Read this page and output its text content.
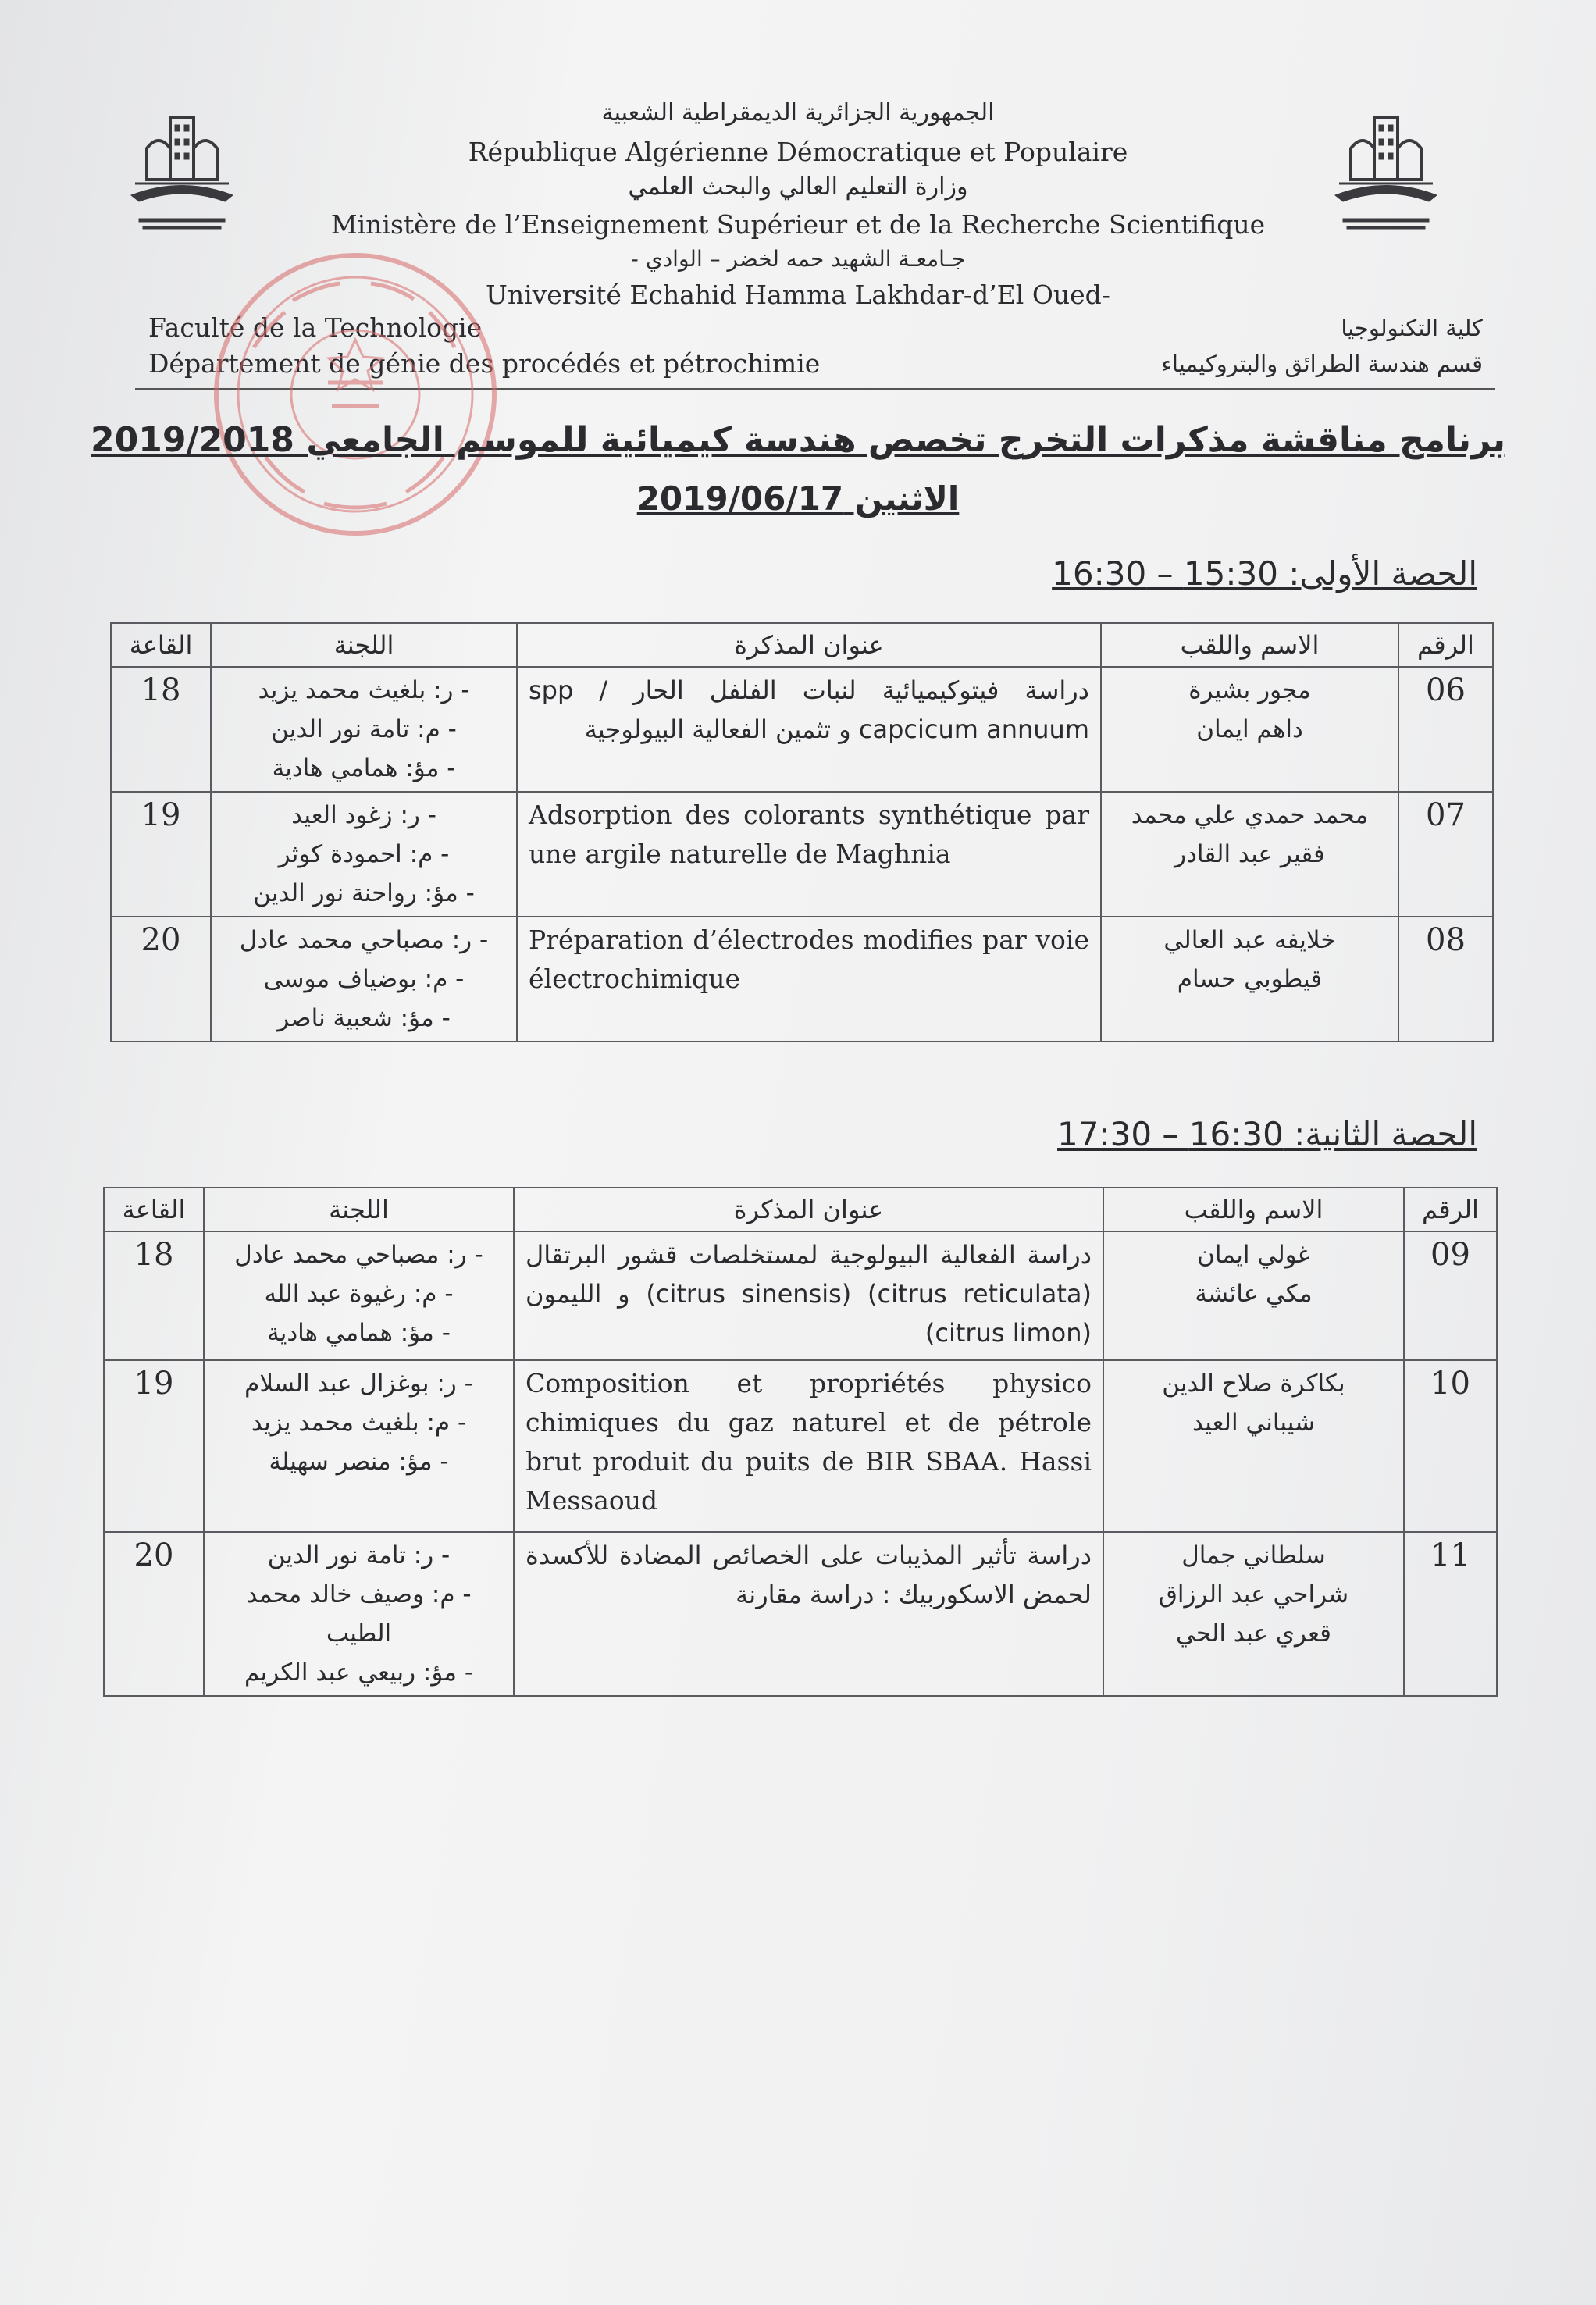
الجمهورية الجزائرية الديمقراطية الشعبية
République Algérienne Démocratique et Populaire
وزارة التعليم العالي والبحث العلمي
Ministère de l’Enseignement Supérieur et de la Recherche Scientifique
جـامعـة الشهيد حمه لخضر – الوادي -
Université Echahid Hamma Lakhdar-d’El Oued-
Faculté de la Technologie
Département de génie des procédés et pétrochimie
كلية التكنولوجيا
قسم هندسة الطرائق والبتروكيمياء
برنامج مناقشة مذكرات التخرج تخصص هندسة كيميائية للموسم الجامعي 2019/2018
الاثنين 2019/06/17
الحصة الأولى: 15:30 – 16:30
القاعة	اللجنة	عنوان المذكرة	الاسم واللقب	الرقم
18	- ر: بلغيث محمد يزيد
- م: تامة نور الدين
- مؤ: همامي هادية	دراسة فيتوكيميائية لنبات الفلفل الحار spp / capcicum annuum و تثمين الفعالية البيولوجية	مجور بشيرة
داهم ايمان	06
19	- ر: زغود العيد
- م: احمودة كوثر
- مؤ: رواحنة نور الدين	Adsorption des colorants synthétique par une argile naturelle de Maghnia	محمد حمدي علي محمد
فقير عبد القادر	07
20	- ر: مصباحي محمد عادل
- م: بوضياف موسى
- مؤ: شعبية ناصر	Préparation d’électrodes modifies par voie électrochimique	خلايفه عبد العالي
قيطوبي حسام	08
الحصة الثانية: 16:30 – 17:30
القاعة	اللجنة	عنوان المذكرة	الاسم واللقب	الرقم
18	- ر: مصباحي محمد عادل
- م: رغيوة عبد الله
- مؤ: همامي هادية	دراسة الفعالية البيولوجية لمستخلصات قشور البرتقال (citrus reticulata) (citrus sinensis) و الليمون (citrus limon)	غولي ايمان
مكي عائشة	09
19	- ر: بوغزال عبد السلام
- م: بلغيث محمد يزيد
- مؤ: منصر سهيلة	Composition et propriétés physico chimiques du gaz naturel et de pétrole brut produit du puits de BIR SBAA. Hassi Messaoud	بكاكرة صلاح الدين
شيباني العيد	10
20	- ر: تامة نور الدين
- م: وصيف خالد محمد الطيب
- مؤ: ربيعي عبد الكريم	دراسة تأثير المذيبات على الخصائص المضادة للأكسدة لحمض الاسكوربيك : دراسة مقارنة	سلطاني جمال
شراحي عبد الرزاق
قعري عبد الحي	11
